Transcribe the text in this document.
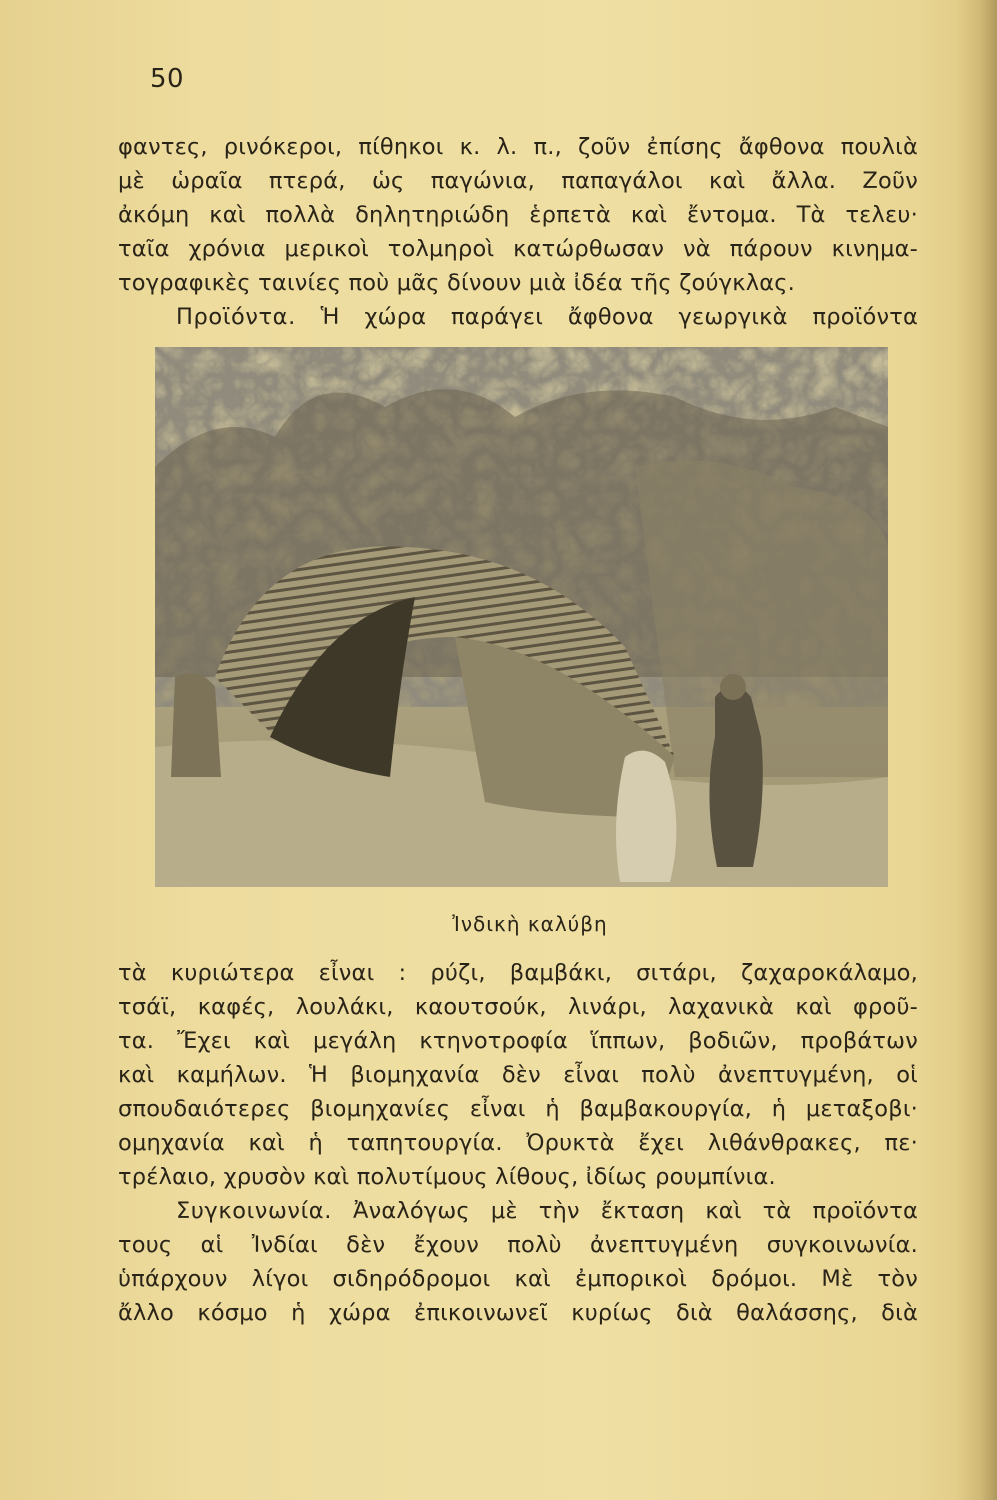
50
φαντες, ρινόκεροι, πίθηκοι κ. λ. π., ζοῦν ἐπίσης ἄφθονα πουλιὰ
μὲ ὡραῖα πτερά, ὡς παγώνια, παπαγάλοι καὶ ἄλλα. Ζοῦν
ἀκόμη καὶ πολλὰ δηλητηριώδη ἑρπετὰ καὶ ἔντομα. Τὰ τελευ·
ταῖα χρόνια μερικοὶ τολμηροὶ κατώρθωσαν νὰ πάρουν κινημα-
τογραφικὲς ταινίες ποὺ μᾶς δίνουν μιὰ ἰδέα τῆς ζούγκλας.
Προϊόντα. Ἡ χώρα παράγει ἄφθονα γεωργικὰ προϊόντα
Ἰνδικὴ καλύβη
τὰ κυριώτερα εἶναι : ρύζι, βαμβάκι, σιτάρι, ζαχαροκάλαμο,
τσάϊ, καφές, λουλάκι, καουτσούκ, λινάρι, λαχανικὰ καὶ φροῦ-
τα. Ἔχει καὶ μεγάλη κτηνοτροφία ἵππων, βοδιῶν, προβάτων
καὶ καμήλων. Ἡ βιομηχανία δὲν εἶναι πολὺ ἀνεπτυγμένη, οἱ
σπουδαιότερες βιομηχανίες εἶναι ἡ βαμβακουργία, ἡ μεταξοβι·
ομηχανία καὶ ἡ ταπητουργία. Ὀρυκτὰ ἔχει λιθάνθρακες, πε·
τρέλαιο, χρυσὸν καὶ πολυτίμους λίθους, ἰδίως ρουμπίνια.
Συγκοινωνία. Ἀναλόγως μὲ τὴν ἔκταση καὶ τὰ προϊόντα
τους αἱ Ἰνδίαι δὲν ἔχουν πολὺ ἀνεπτυγμένη συγκοινωνία.
ὑπάρχουν λίγοι σιδηρόδρομοι καὶ ἐμπορικοὶ δρόμοι. Μὲ τὸν
ἄλλο κόσμο ἡ χώρα ἐπικοινωνεῖ κυρίως διὰ θαλάσσης, διὰ
